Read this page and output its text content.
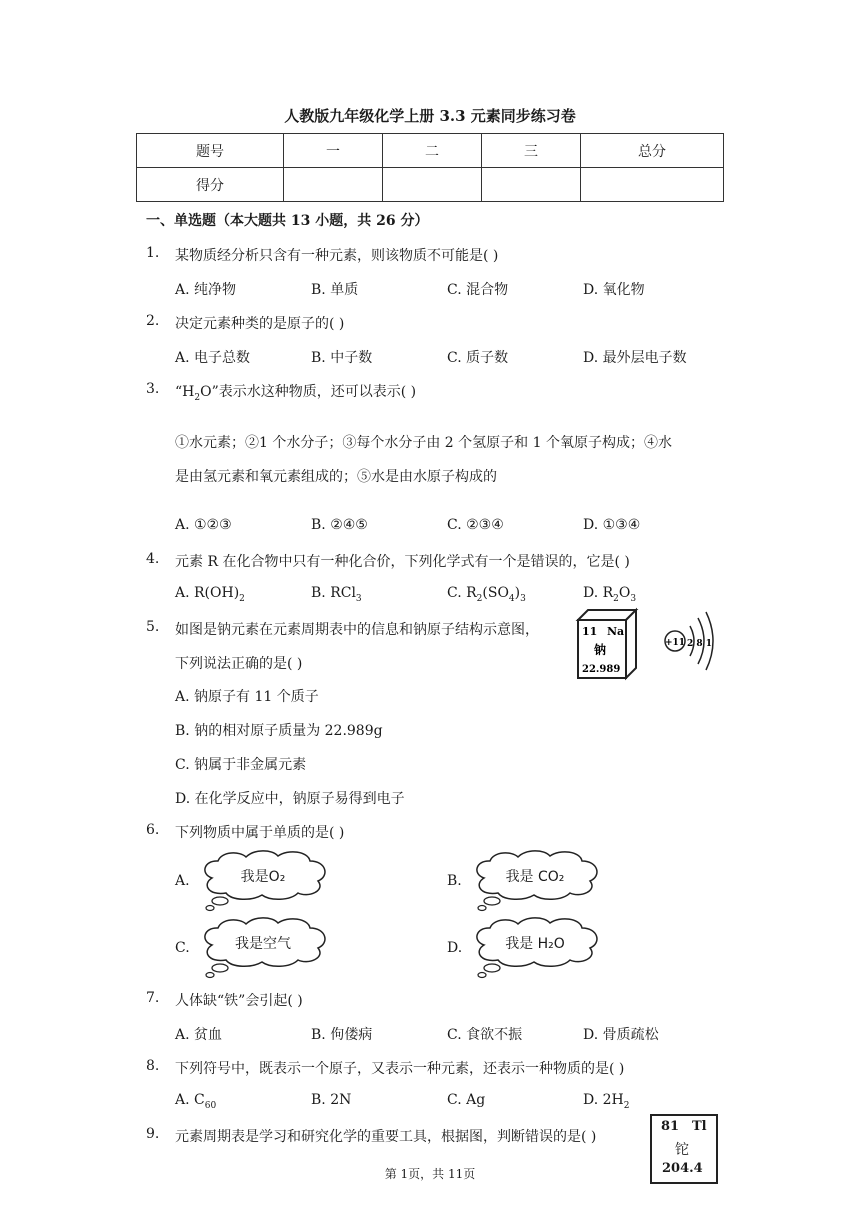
人教版九年级化学上册 3.3 元素同步练习卷
题号	一	二	三	总分
得分				
一、单选题（本大题共 13 小题，共 26 分）
1. 某物质经分析只含有一种元素，则该物质不可能是( )
A. 纯净物	B. 单质	C. 混合物	D. 氧化物
2. 决定元素种类的是原子的( )
A. 电子总数	B. 中子数	C. 质子数	D. 最外层电子数
3. “$H_2O$”表示水这种物质，还可以表示( )
①水元素；②1 个水分子；③每个水分子由 2 个氢原子和 1 个氧原子构成；④水
是由氢元素和氧元素组成的；⑤水是由水原子构成的
A. ①②③	B. ②④⑤	C. ②③④	D. ①③④
4. 元素 R 在化合物中只有一种化合价，下列化学式有一个是错误的，它是( )
A. $R(OH)_2$	B. RCl$_3$	C. $R_2(SO_4)_3$	D. $R_2O_3$
5. 如图是钠元素在元素周期表中的信息和钠原子结构示意图，
下列说法正确的是( )
A. 钠原子有 11 个质子
B. 钠的相对原子质量为 22.989g
C. 钠属于非金属元素
D. 在化学反应中，钠原子易得到电子
11 Na
钠
22.989
+11 2 8 1
6. 下列物质中属于单质的是( )
A.	我是O₂	B.	我是 CO₂
C.	我是空气	D.	我是 H₂O
7. 人体缺“铁”会引起( )
A. 贫血	B. 佝偻病	C. 食欲不振	D. 骨质疏松
8. 下列符号中，既表示一个原子，又表示一种元素，还表示一种物质的是( )
A. $C_{60}$	B. 2N	C. Ag	D. $2H_2$
9. 元素周期表是学习和研究化学的重要工具，根据图，判断错误的是( )
81 Tl
铊
204.4
第 1页，共 11页
